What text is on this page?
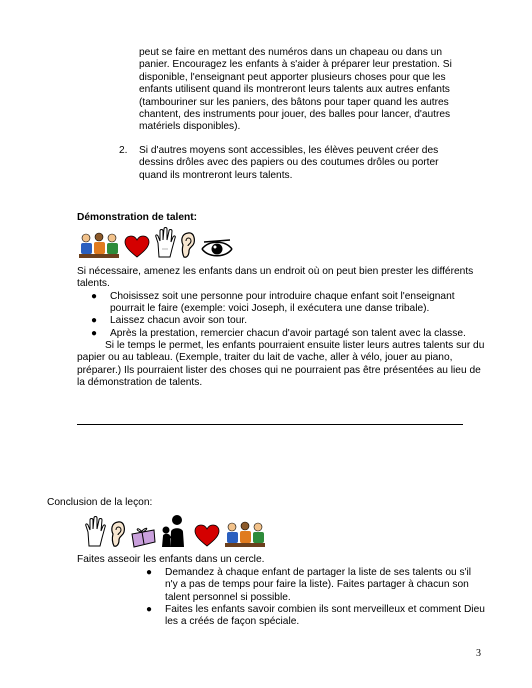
peut se faire en mettant des numéros dans un chapeau ou dans un panier. Encouragez les enfants à s'aider à préparer leur prestation. Si disponible, l'enseignant peut apporter plusieurs choses pour que les enfants utilisent quand ils montreront leurs talents aux autres enfants (tambouriner sur les paniers, des bâtons pour taper quand les autres chantent, des instruments pour jouer, des balles pour lancer, d'autres matériels disponibles).

2. Si d'autres moyens sont accessibles, les élèves peuvent créer des dessins drôles avec des papiers ou des coutumes drôles ou porter quand ils montreront leurs talents.

Démonstration de talent:

Si nécessaire, amenez les enfants dans un endroit où on peut bien prester les différents talents.

● Choisissez soit une personne pour introduire chaque enfant soit l'enseignant pourrait le faire (exemple: voici Joseph, il exécutera une danse tribale).
● Laissez chacun avoir son tour.
● Après la prestation, remercier chacun d'avoir partagé son talent avec la classe.

Si le temps le permet, les enfants pourraient ensuite lister leurs autres talents sur du papier ou au tableau. (Exemple, traiter du lait de vache, aller à vélo, jouer au piano, préparer.) Ils pourraient lister des choses qui ne pourraient pas être présentées au lieu de la démonstration de talents.

Conclusion de la leçon:

Faites asseoir les enfants dans un cercle.

● Demandez à chaque enfant de partager la liste de ses talents ou s'il n'y a pas de temps pour faire la liste). Faites partager à chacun son talent personnel si possible.
● Faites les enfants savoir combien ils sont merveilleux et comment Dieu les a créés de façon spéciale.
3
